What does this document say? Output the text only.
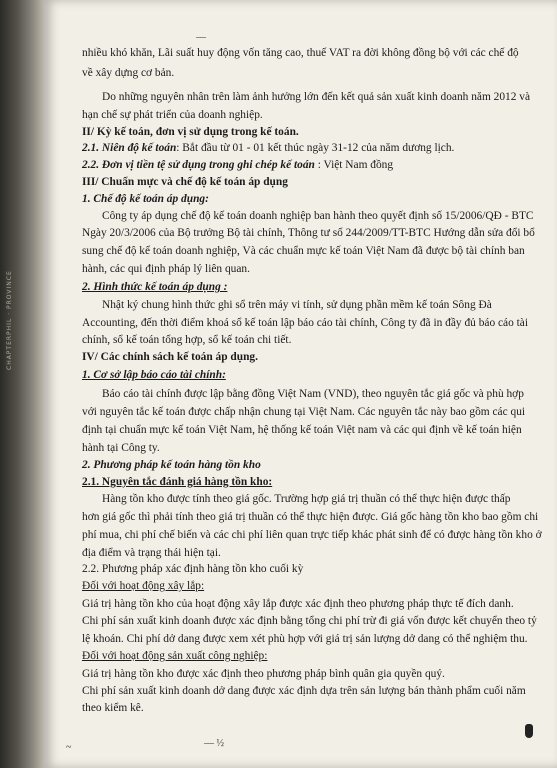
CHAPTERPHIL · PROVINCE
—
nhiều khó khăn, Lãi suất huy động vốn tăng cao, thuế VAT ra đời không đồng bộ với các chế độ
về xây dựng cơ bản.
Do những nguyên nhân trên làm ảnh hưởng lớn đến kết quả sản xuất kinh doanh năm 2012 và
hạn chế sự phát triển của doanh nghiệp.
II/ Kỳ kế toán, đơn vị sử dụng trong kế toán.
2.1. Niên độ kế toán: Bắt đầu từ 01 - 01 kết thúc ngày 31-12 của năm dương lịch.
2.2. Đơn vị tiền tệ sử dụng trong ghi chép kế toán : Việt Nam đồng
III/ Chuẩn mực và chế độ kế toán áp dụng
1. Chế độ kế toán áp dụng:
Công ty áp dụng chế độ kế toán doanh nghiệp ban hành theo quyết định số 15/2006/QĐ - BTC
Ngày 20/3/2006 của Bộ trưởng Bộ tài chính, Thông tư số 244/2009/TT-BTC Hướng dẫn sửa đổi bổ
sung chế độ kế toán doanh nghiệp, Và các chuẩn mực kế toán Việt Nam đã được bộ tài chính ban
hành, các qui định pháp lý liên quan.
2. Hình thức kế toán áp dụng :
Nhật ký chung hình thức ghi sổ trên máy vi tính, sử dụng phần mềm kế toán Sông Đà
Accounting, đến thời điểm khoá sổ kế toán lập báo cáo tài chính, Công ty đã in đầy đủ báo cáo tài
chính, sổ kế toán tổng hợp, sổ kế toán chi tiết.
IV/ Các chính sách kế toán áp dụng.
1. Cơ sở lập báo cáo tài chính:
Báo cáo tài chính được lập bằng đồng Việt Nam (VND), theo nguyên tắc giá gốc và phù hợp
với nguyên tắc kế toán được chấp nhận chung tại Việt Nam. Các nguyên tắc này bao gồm các qui
định tại chuẩn mực kế toán Việt Nam, hệ thống kế toán Việt nam và các qui định về kế toán hiện
hành tại Công ty.
2. Phương pháp kế toán hàng tồn kho
2.1. Nguyên tắc đánh giá hàng tồn kho:
Hàng tồn kho được tính theo giá gốc. Trường hợp giá trị thuần có thể thực hiện được thấp
hơn giá gốc thì phải tính theo giá trị thuần có thể thực hiện được. Giá gốc hàng tồn kho bao gồm chi
phí mua, chi phí chế biến và các chi phí liên quan trực tiếp khác phát sinh để có được hàng tồn kho ở
địa điểm và trạng thái hiện tại.
2.2. Phương pháp xác định hàng tồn kho cuối kỳ
Đối với hoạt động xây lắp:
Giá trị hàng tồn kho của hoạt động xây lắp được xác định theo phương pháp thực tế đích danh.
Chi phí sản xuất kinh doanh được xác định bằng tổng chi phí trừ đi giá vốn được kết chuyển theo tỷ
lệ khoán. Chi phí dở dang được xem xét phù hợp với giá trị sản lượng dở dang có thể nghiệm thu.
Đối với hoạt động sản xuất công nghiệp:
Giá trị hàng tồn kho được xác định theo phương pháp bình quân gia quyền quý.
Chi phí sản xuất kinh doanh dở dang được xác định dựa trên sản lượng bán thành phẩm cuối năm
theo kiểm kê.
~	— ½
